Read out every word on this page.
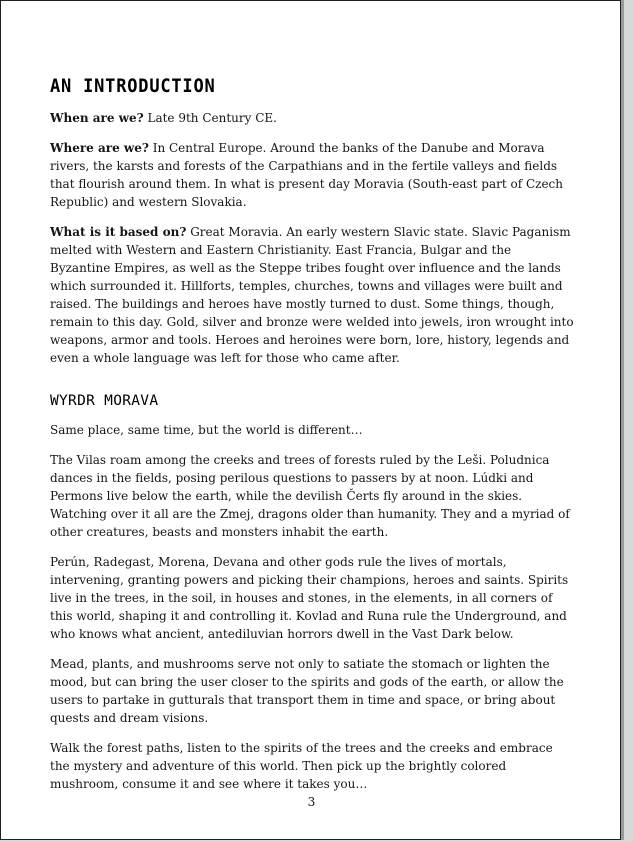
AN INTRODUCTION

When are we? Late 9th Century CE.

Where are we? In Central Europe. Around the banks of the Danube and Morava rivers, the karsts and forests of the Carpathians and in the fertile valleys and fields that flourish around them. In what is present day Moravia (South-east part of Czech Republic) and western Slovakia.

What is it based on? Great Moravia. An early western Slavic state. Slavic Paganism melted with Western and Eastern Christianity. East Francia, Bulgar and the Byzantine Empires, as well as the Steppe tribes fought over influence and the lands which surrounded it. Hillforts, temples, churches, towns and villages were built and raised. The buildings and heroes have mostly turned to dust. Some things, though, remain to this day. Gold, silver and bronze were welded into jewels, iron wrought into weapons, armor and tools. Heroes and heroines were born, lore, history, legends and even a whole language was left for those who came after.

WYRDR MORAVA

Same place, same time, but the world is different…

The Vilas roam among the creeks and trees of forests ruled by the Leši. Poludnica dances in the fields, posing perilous questions to passers by at noon. Lúdki and Permons live below the earth, while the devilish Čerts fly around in the skies. Watching over it all are the Zmej, dragons older than humanity. They and a myriad of other creatures, beasts and monsters inhabit the earth.

Perún, Radegast, Morena, Devana and other gods rule the lives of mortals, intervening, granting powers and picking their champions, heroes and saints. Spirits live in the trees, in the soil, in houses and stones, in the elements, in all corners of this world, shaping it and controlling it. Kovlad and Runa rule the Underground, and who knows what ancient, antediluvian horrors dwell in the Vast Dark below.

Mead, plants, and mushrooms serve not only to satiate the stomach or lighten the mood, but can bring the user closer to the spirits and gods of the earth, or allow the users to partake in gutturals that transport them in time and space, or bring about quests and dream visions.

Walk the forest paths, listen to the spirits of the trees and the creeks and embrace the mystery and adventure of this world. Then pick up the brightly colored mushroom, consume it and see where it takes you…

3
